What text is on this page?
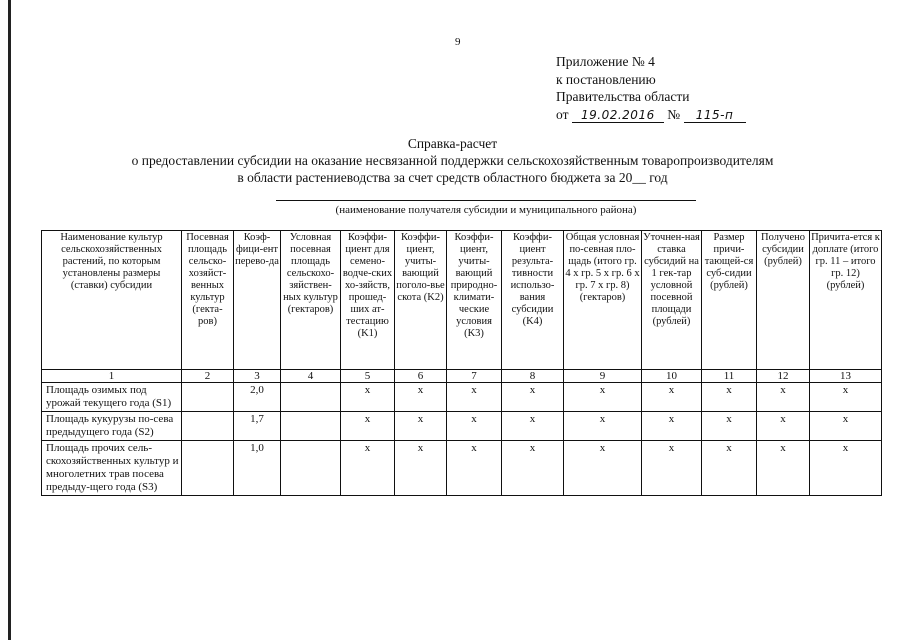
9
Приложение № 4
к постановлению
Правительства области
от 19.02.2016 № 115-п
Справка-расчет
о предоставлении субсидии на оказание несвязанной поддержки сельскохозяйственным товаропроизводителям
в области растениеводства за счет средств областного бюджета за 20__ год
(наименование получателя субсидии и муниципального района)
Наименование культур сельскохозяйственных растений, по которым установлены размеры (ставки) субсидии	Посевная площадь сельско-хозяйст-венных культур (гекта-ров)	Коэф-фици-ент перево-да	Условная посевная площадь сельскохо-зяйствен-ных культур (гектаров)	Коэффи-циент для семено-водче-ских хо-зяйств, прошед-ших ат-тестацию (K1)	Коэффи-циент, учиты-вающий поголо-вье скота (K2)	Коэффи-циент, учиты-вающий природно-климати-ческие условия (K3)	Коэффи-циент результа-тивности использо-вания субсидии (K4)	Общая условная по-севная пло-щадь (итого гр. 4 x гр. 5 x гр. 6 x гр. 7 x гр. 8) (гектаров)	Уточнен-ная ставка субсидий на 1 гек-тар условной посевной площади (рублей)	Размер причи-тающей-ся суб-сидии (рублей)	Получено субсидии (рублей)	Причита-ется к доплате (итого гр. 11 – итого гр. 12) (рублей)
1	2	3	4	5	6	7	8	9	10	11	12	13
Площадь озимых под урожай текущего года (S1)		2,0		x	x	x	x	x	x	x	x	x
Площадь кукурузы по-сева предыдущего года (S2)		1,7		x	x	x	x	x	x	x	x	x
Площадь прочих сель-скохозяйственных культур и многолетних трав посева предыду-щего года (S3)		1,0		x	x	x	x	x	x	x	x	x
